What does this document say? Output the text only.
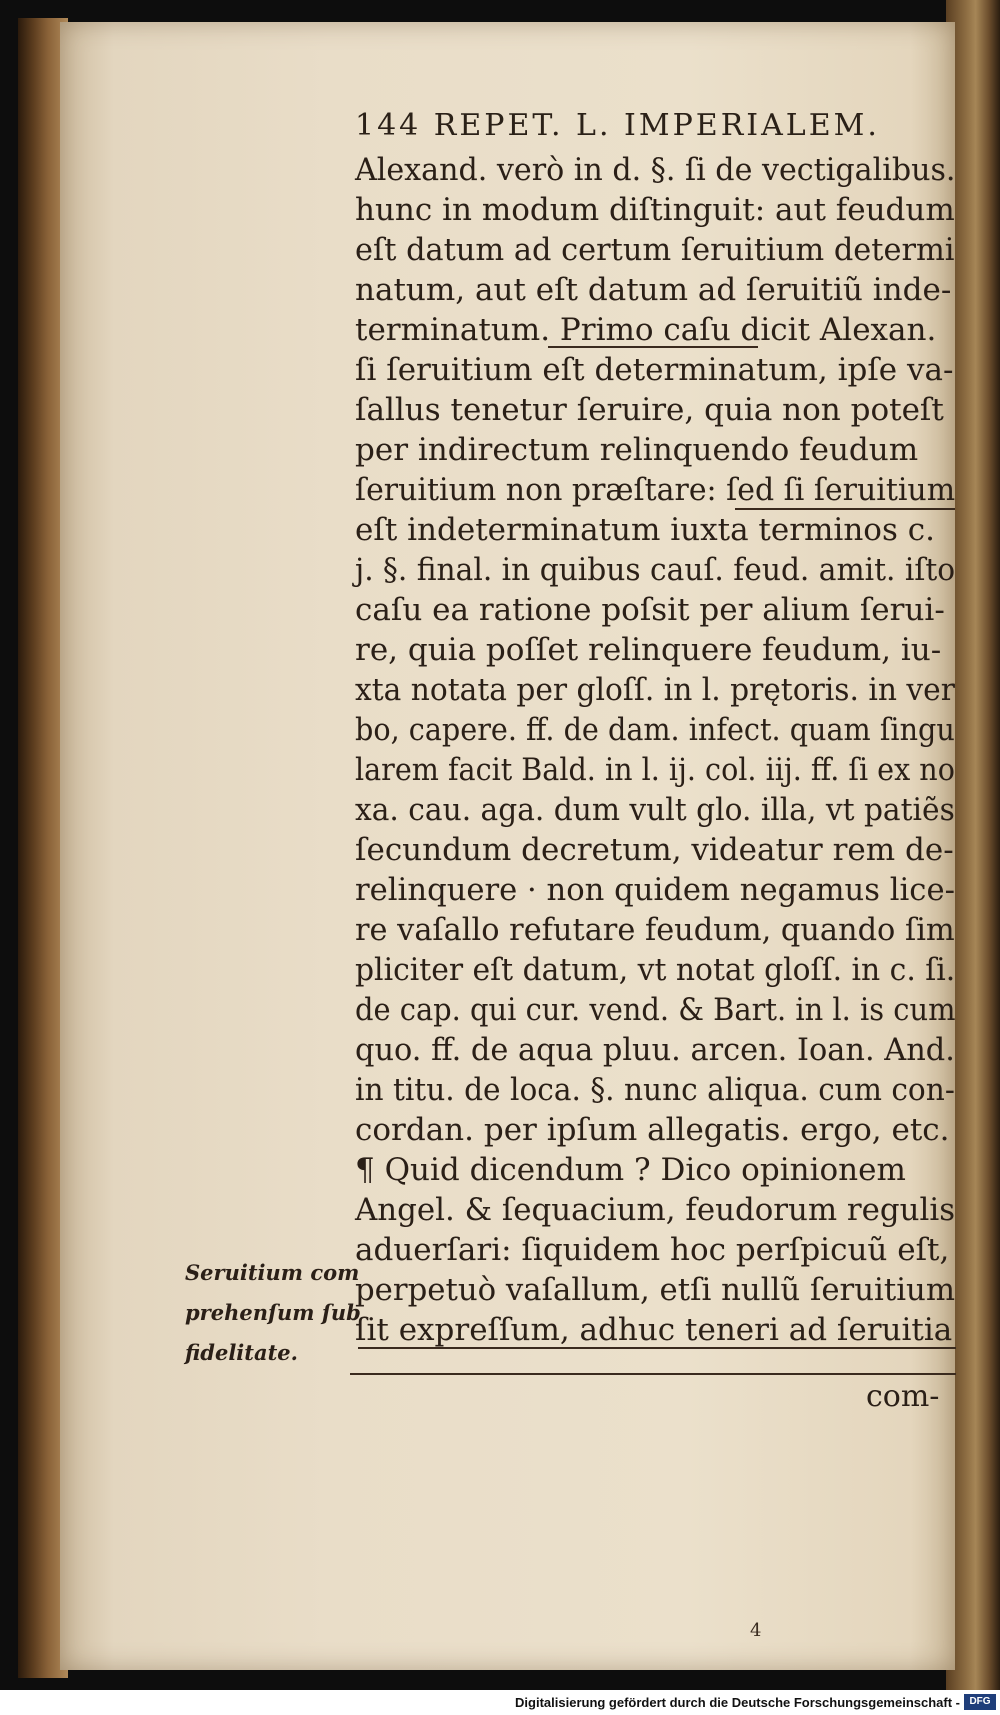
144 REPET. L. IMPERIALEM.
Alexand. verò in d. §. ſi de vectigalibus.
hunc in modum diſtinguit: aut feudum
eſt datum ad certum ſeruitium determi
natum, aut eſt datum ad ſeruitiũ inde-
terminatum. Primo caſu dicit Alexan.
ſi ſeruitium eſt determinatum, ipſe va-
ſallus tenetur ſeruire, quia non poteſt
per indirectum relinquendo feudum
ſeruitium non præſtare: ſed ſi ſeruitium
eſt indeterminatum iuxta terminos c.
j. §. final. in quibus cauſ. feud. amit. iſto
caſu ea ratione poſsit per alium ſerui-
re, quia poſſet relinquere feudum, iu-
xta notata per gloſſ. in l. prętoris. in ver
bo, capere. ff. de dam. infect. quam ſingu
larem facit Bald. in l. ij. col. iij. ff. ſi ex no
xa. cau. aga. dum vult glo. illa, vt patiẽs
ſecundum decretum, videatur rem de-
relinquere · non quidem negamus lice-
re vaſallo refutare feudum, quando ſim
pliciter eſt datum, vt notat gloſſ. in c. ſi.
de cap. qui cur. vend. & Bart. in l. is cum
quo. ff. de aqua pluu. arcen. Ioan. And.
in titu. de loca. §. nunc aliqua. cum con-
cordan. per ipſum allegatis. ergo, etc.
¶ Quid dicendum ? Dico opinionem
Angel. & ſequacium, feudorum regulis
aduerſari: ſiquidem hoc perſpicuũ eſt,
perpetuò vaſallum, etſi nullũ ſeruitium
ſit expreſſum, adhuc teneri ad ſeruitia
Seruitium com
prehenſum ſub
fidelitate.
com-
4
Digitalisierung gefördert durch die Deutsche Forschungsgemeinschaft - DFG
